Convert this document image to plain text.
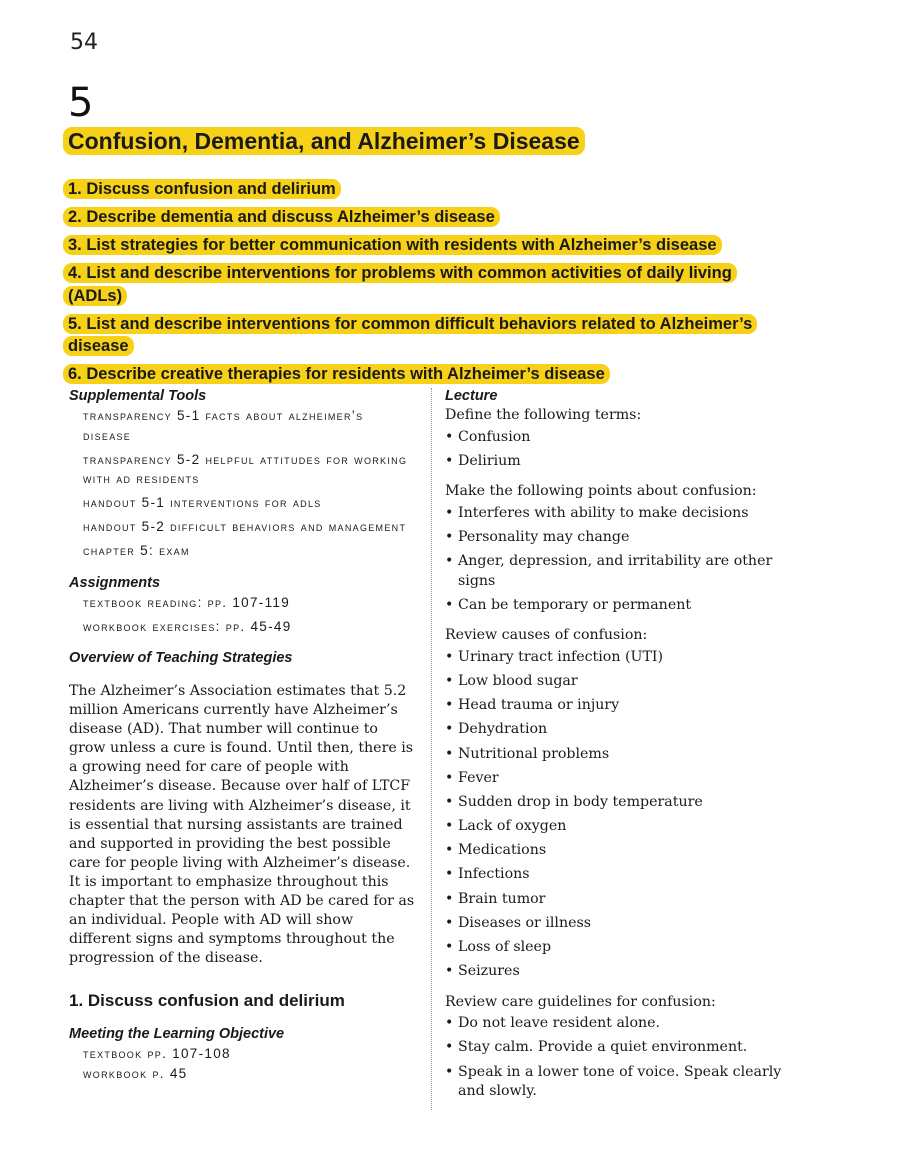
54
5
Confusion, Dementia, and Alzheimer’s Disease
1. Discuss confusion and delirium
2. Describe dementia and discuss Alzheimer’s disease
3. List strategies for better communication with residents with Alzheimer’s disease
4. List and describe interventions for problems with common activities of daily living (ADLs)
5. List and describe interventions for common difficult behaviors related to Alzheimer’s disease
6. Describe creative therapies for residents with Alzheimer’s disease

Supplemental Tools

transparency 5-1 facts about alzheimer’s disease
transparency 5-2 helpful attitudes for working with ad residents
handout 5-1 interventions for adls
handout 5-2 difficult behaviors and management
chapter 5: exam

Assignments

textbook reading: pp. 107-119
workbook exercises: pp. 45-49

Overview of Teaching Strategies

The Alzheimer’s Association estimates that 5.2 million Americans currently have Alzheimer’s disease (AD). That number will continue to grow unless a cure is found. Until then, there is a growing need for care of people with Alzheimer’s disease. Because over half of LTCF residents are living with Alzheimer’s disease, it is essential that nursing assistants are trained and supported in providing the best possible care for people living with Alzheimer’s disease. It is important to emphasize throughout this chapter that the person with AD be cared for as an individual. People with AD will show different signs and symptoms throughout the progression of the disease.

1. Discuss confusion and delirium

Meeting the Learning Objective

textbook pp. 107-108
workbook p. 45

Lecture

Define the following terms:

• Confusion
• Delirium

Make the following points about confusion:

• Interferes with ability to make decisions
• Personality may change
• Anger, depression, and irritability are other signs
• Can be temporary or permanent

Review causes of confusion:

• Urinary tract infection (UTI)
• Low blood sugar
• Head trauma or injury
• Dehydration
• Nutritional problems
• Fever
• Sudden drop in body temperature
• Lack of oxygen
• Medications
• Infections
• Brain tumor
• Diseases or illness
• Loss of sleep
• Seizures

Review care guidelines for confusion:

• Do not leave resident alone.
• Stay calm. Provide a quiet environment.
• Speak in a lower tone of voice. Speak clearly and slowly.
